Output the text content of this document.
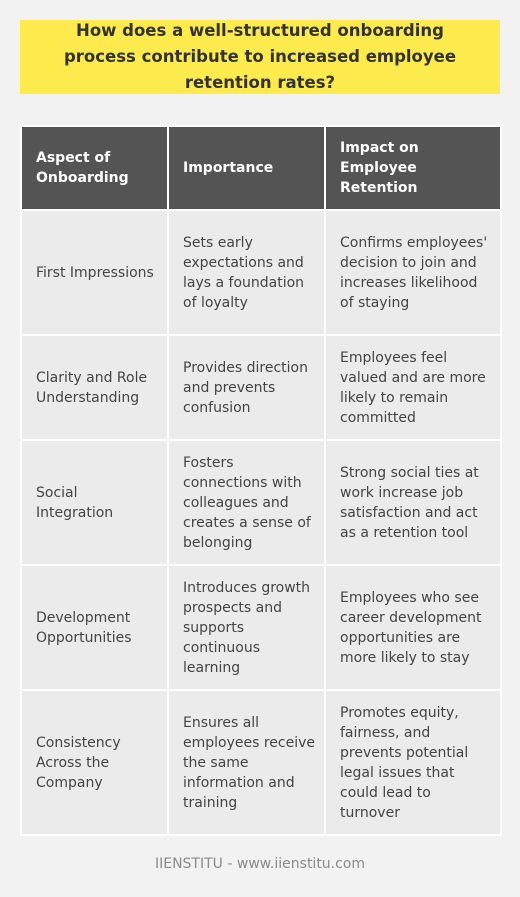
How does a well-structured onboarding process contribute to increased employee retention rates?

Aspect of Onboarding	Importance	Impact on Employee Retention
First Impressions	Sets early expectations and lays a foundation of loyalty	Confirms employees' decision to join and increases likelihood of staying
Clarity and Role Understanding	Provides direction and prevents confusion	Employees feel valued and are more likely to remain committed
Social Integration	Fosters connections with colleagues and creates a sense of belonging	Strong social ties at work increase job satisfaction and act as a retention tool
Development Opportunities	Introduces growth prospects and supports continuous learning	Employees who see career development opportunities are more likely to stay
Consistency Across the Company	Ensures all employees receive the same information and training	Promotes equity, fairness, and prevents potential legal issues that could lead to turnover
IIENSTITU - www.iienstitu.com
